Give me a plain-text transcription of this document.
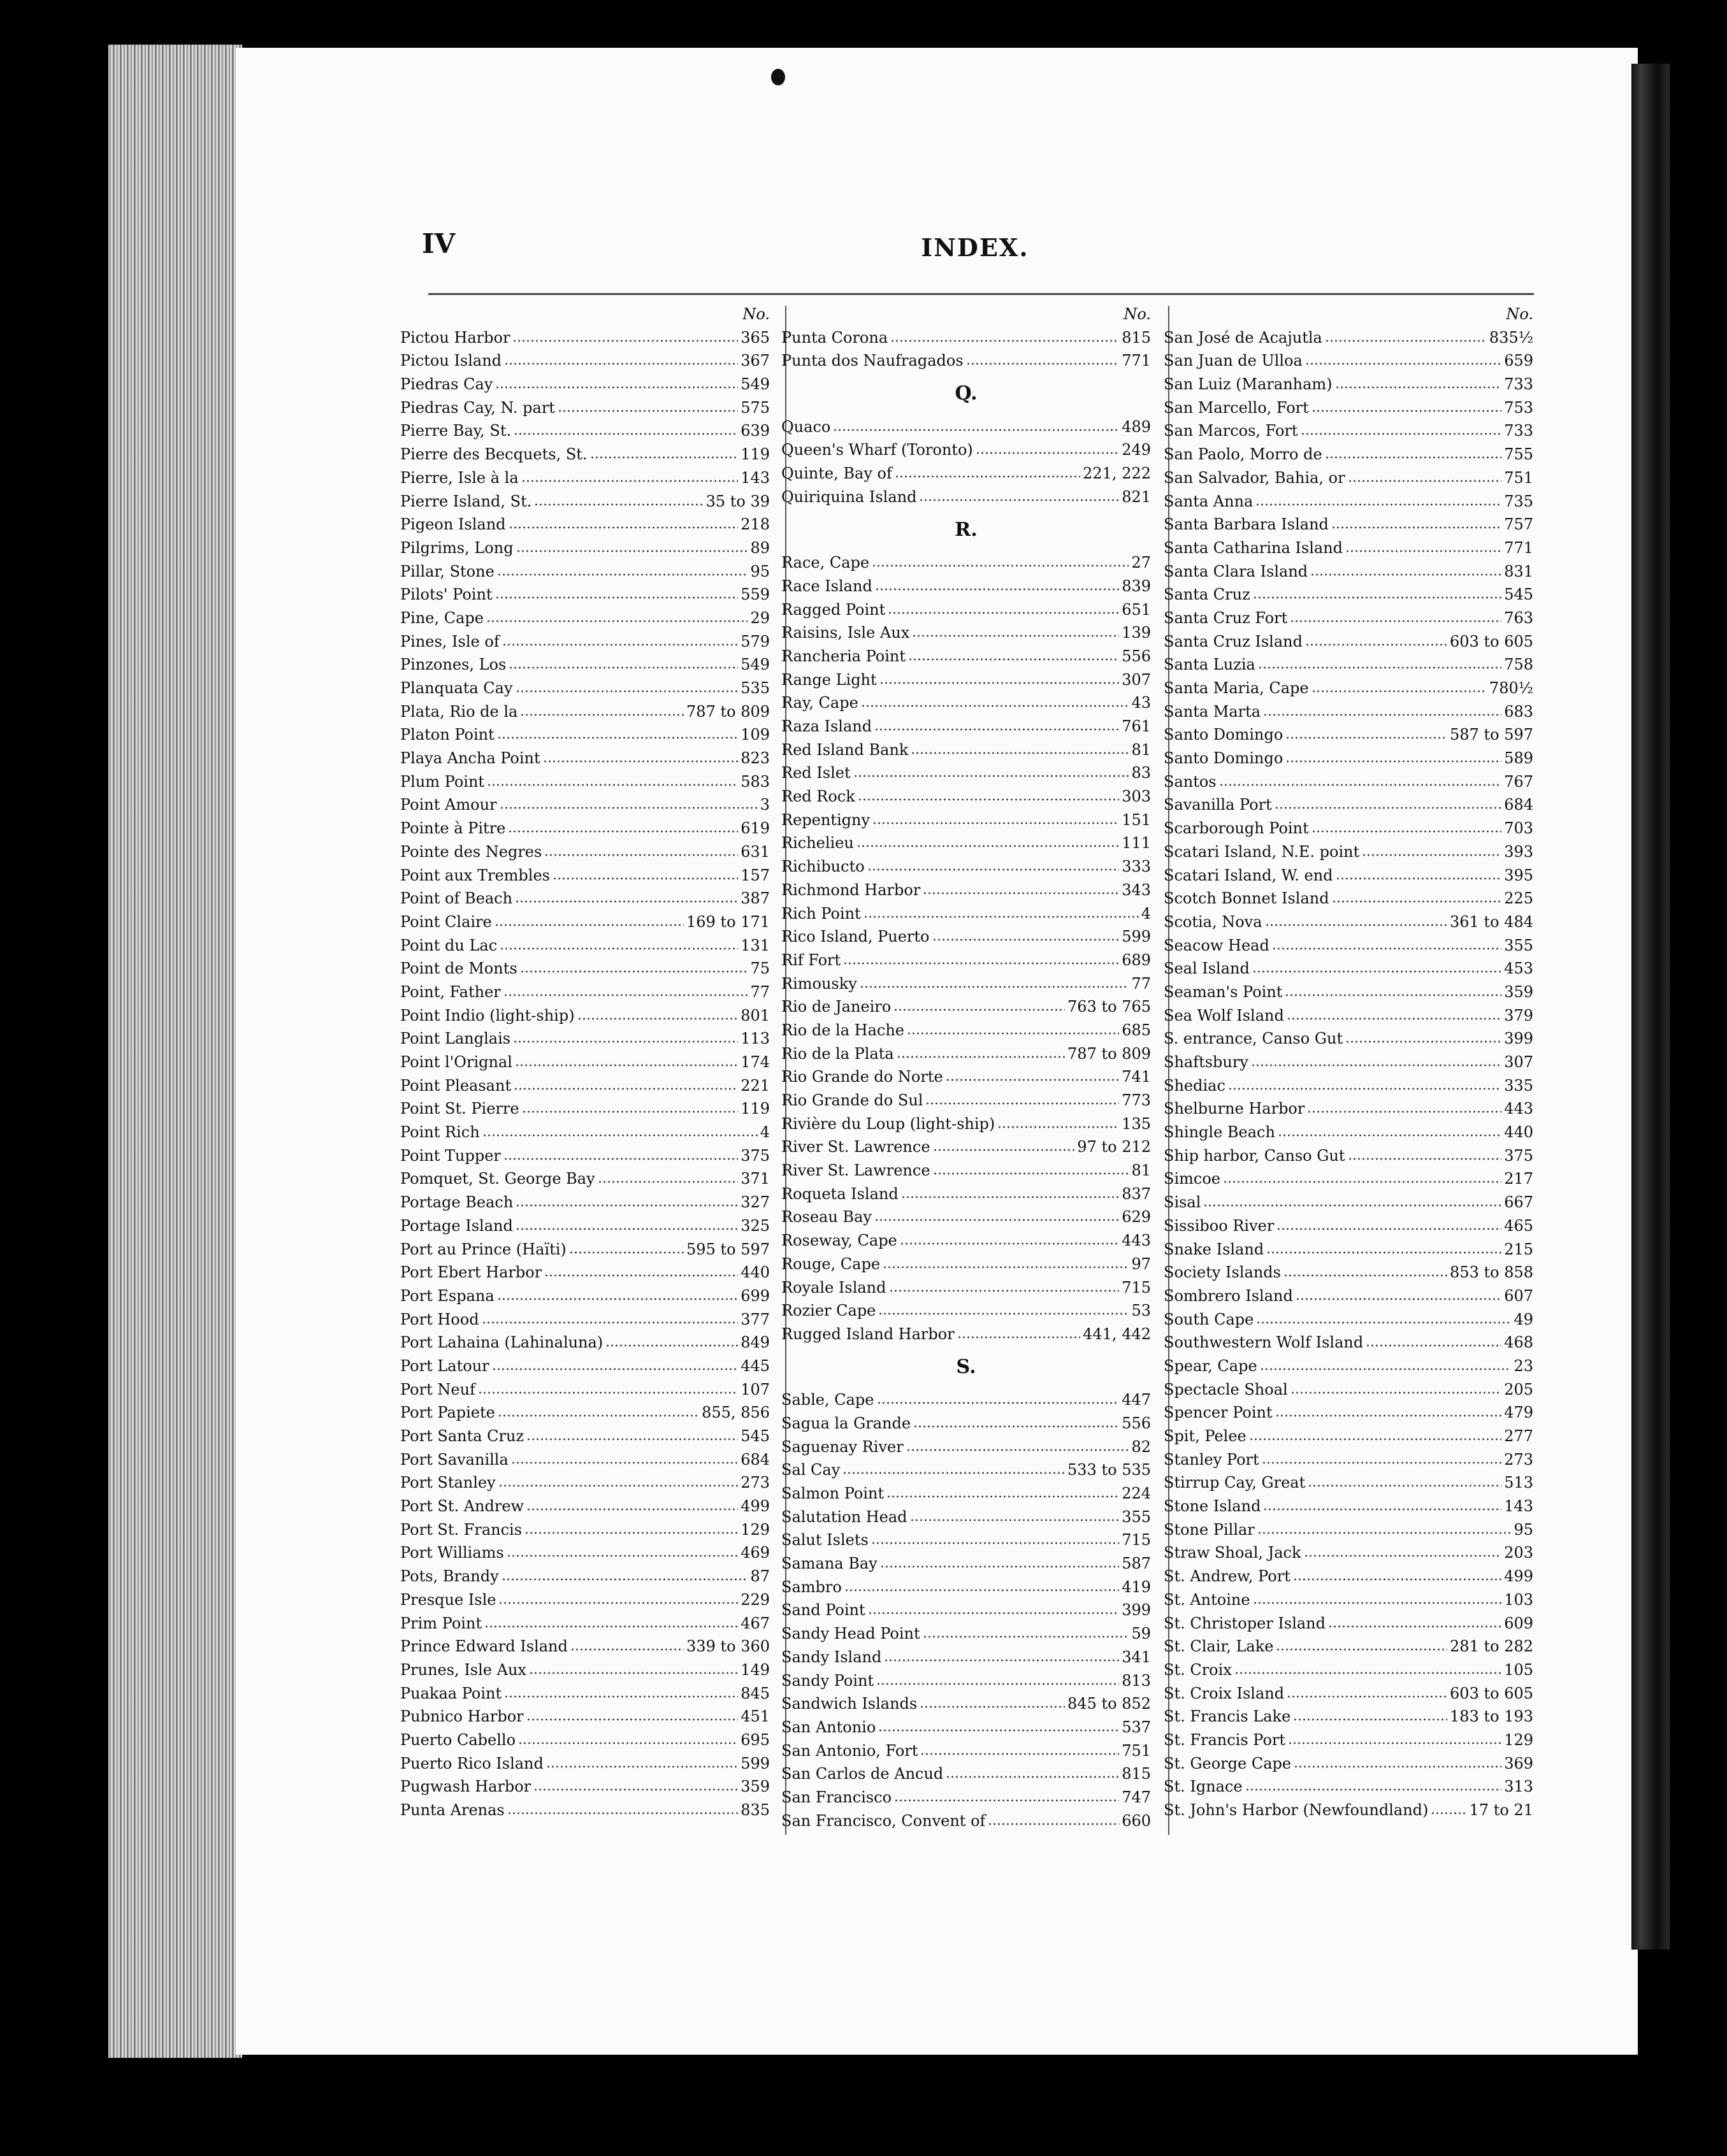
IV	INDEX.
No.
Pictou Harbor	365
Pictou Island	367
Piedras Cay	549
Piedras Cay, N. part	575
Pierre Bay, St.	639
Pierre des Becquets, St.	119
Pierre, Isle à la	143
Pierre Island, St.	35 to 39
Pigeon Island	218
Pilgrims, Long	89
Pillar, Stone	95
Pilots' Point	559
Pine, Cape	29
Pines, Isle of	579
Pinzones, Los	549
Planquata Cay	535
Plata, Rio de la	787 to 809
Platon Point	109
Playa Ancha Point	823
Plum Point	583
Point Amour	3
Pointe à Pitre	619
Pointe des Negres	631
Point aux Trembles	157
Point of Beach	387
Point Claire	169 to 171
Point du Lac	131
Point de Monts	75
Point, Father	77
Point Indio (light-ship)	801
Point Langlais	113
Point l'Orignal	174
Point Pleasant	221
Point St. Pierre	119
Point Rich	4
Point Tupper	375
Pomquet, St. George Bay	371
Portage Beach	327
Portage Island	325
Port au Prince (Haïti)	595 to 597
Port Ebert Harbor	440
Port Espana	699
Port Hood	377
Port Lahaina (Lahinaluna)	849
Port Latour	445
Port Neuf	107
Port Papiete	855, 856
Port Santa Cruz	545
Port Savanilla	684
Port Stanley	273
Port St. Andrew	499
Port St. Francis	129
Port Williams	469
Pots, Brandy	87
Presque Isle	229
Prim Point	467
Prince Edward Island	339 to 360
Prunes, Isle Aux	149
Puakaa Point	845
Pubnico Harbor	451
Puerto Cabello	695
Puerto Rico Island	599
Pugwash Harbor	359
Punta Arenas	835
No.
Punta Corona	815
Punta dos Naufragados	771
Q.
Quaco	489
Queen's Wharf (Toronto)	249
Quinte, Bay of	221, 222
Quiriquina Island	821
R.
Race, Cape	27
Race Island	839
Ragged Point	651
Raisins, Isle Aux	139
Rancheria Point	556
Range Light	307
Ray, Cape	43
Raza Island	761
Red Island Bank	81
Red Islet	83
Red Rock	303
Repentigny	151
Richelieu	111
Richibucto	333
Richmond Harbor	343
Rich Point	4
Rico Island, Puerto	599
Rif Fort	689
Rimousky	77
Rio de Janeiro	763 to 765
Rio de la Hache	685
Rio de la Plata	787 to 809
Rio Grande do Norte	741
Rio Grande do Sul	773
Rivière du Loup (light-ship)	135
River St. Lawrence	97 to 212
River St. Lawrence	81
Roqueta Island	837
Roseau Bay	629
Roseway, Cape	443
Rouge, Cape	97
Royale Island	715
Rozier Cape	53
Rugged Island Harbor	441, 442
S.
Sable, Cape	447
Sagua la Grande	556
Saguenay River	82
Sal Cay	533 to 535
Salmon Point	224
Salutation Head	355
Salut Islets	715
Samana Bay	587
Sambro	419
Sand Point	399
Sandy Head Point	59
Sandy Island	341
Sandy Point	813
Sandwich Islands	845 to 852
San Antonio	537
San Antonio, Fort	751
San Carlos de Ancud	815
San Francisco	747
San Francisco, Convent of	660
No.
San José de Acajutla	835½
San Juan de Ulloa	659
San Luiz (Maranham)	733
San Marcello, Fort	753
San Marcos, Fort	733
San Paolo, Morro de	755
San Salvador, Bahia, or	751
Santa Anna	735
Santa Barbara Island	757
Santa Catharina Island	771
Santa Clara Island	831
Santa Cruz	545
Santa Cruz Fort	763
Santa Cruz Island	603 to 605
Santa Luzia	758
Santa Maria, Cape	780½
Santa Marta	683
Santo Domingo	587 to 597
Santo Domingo	589
Santos	767
Savanilla Port	684
Scarborough Point	703
Scatari Island, N.E. point	393
Scatari Island, W. end	395
Scotch Bonnet Island	225
Scotia, Nova	361 to 484
Seacow Head	355
Seal Island	453
Seaman's Point	359
Sea Wolf Island	379
S. entrance, Canso Gut	399
Shaftsbury	307
Shediac	335
Shelburne Harbor	443
Shingle Beach	440
Ship harbor, Canso Gut	375
Simcoe	217
Sisal	667
Sissiboo River	465
Snake Island	215
Society Islands	853 to 858
Sombrero Island	607
South Cape	49
Southwestern Wolf Island	468
Spear, Cape	23
Spectacle Shoal	205
Spencer Point	479
Spit, Pelee	277
Stanley Port	273
Stirrup Cay, Great	513
Stone Island	143
Stone Pillar	95
Straw Shoal, Jack	203
St. Andrew, Port	499
St. Antoine	103
St. Christoper Island	609
St. Clair, Lake	281 to 282
St. Croix	105
St. Croix Island	603 to 605
St. Francis Lake	183 to 193
St. Francis Port	129
St. George Cape	369
St. Ignace	313
St. John's Harbor (Newfoundland)	17 to 21
